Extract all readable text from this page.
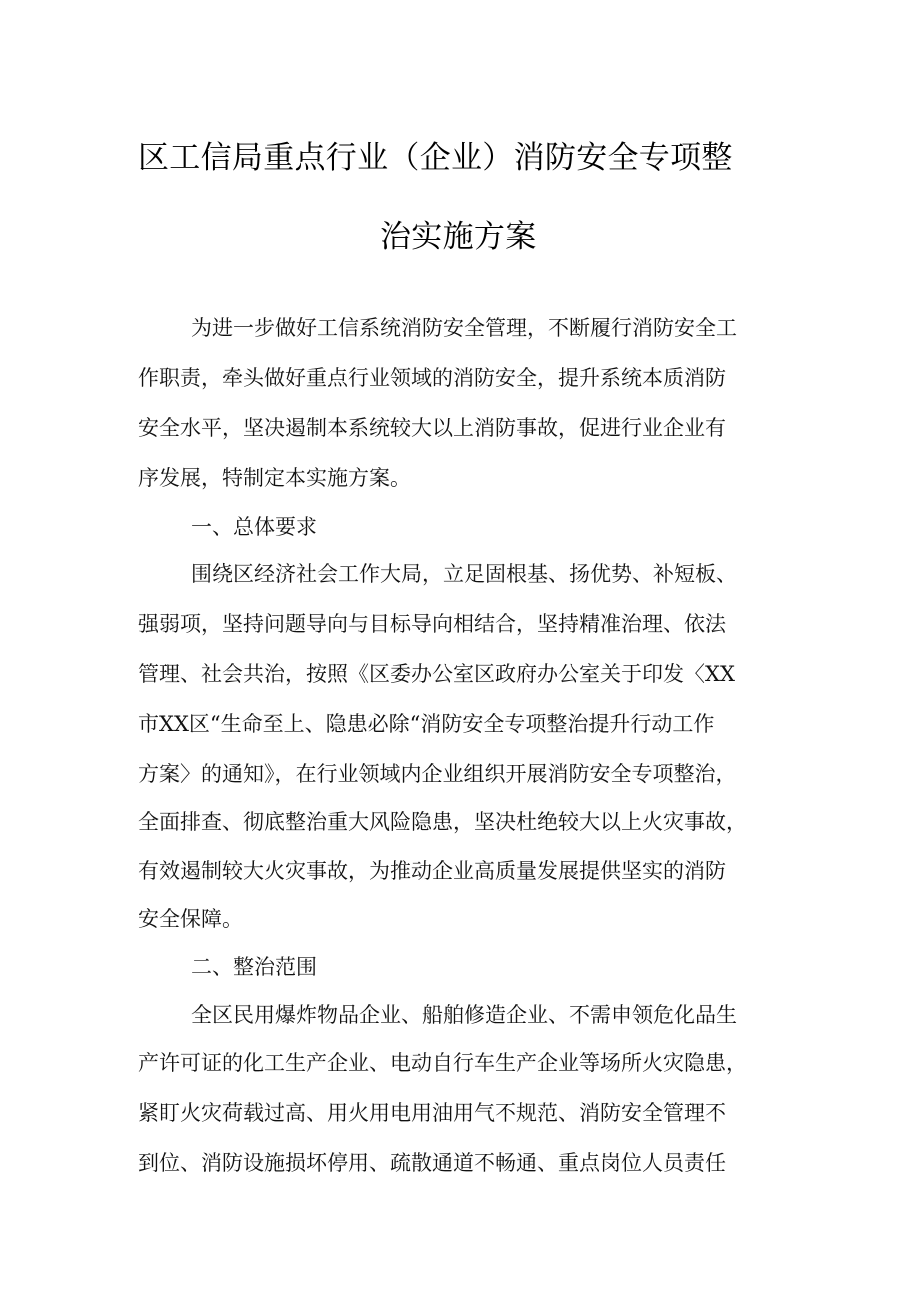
区工信局重点行业（企业）消防安全专项整
治实施方案
为进一步做好工信系统消防安全管理，不断履行消防安全工
作职责，牵头做好重点行业领域的消防安全，提升系统本质消防
安全水平，坚决遏制本系统较大以上消防事故，促进行业企业有
序发展，特制定本实施方案。
一、总体要求
围绕区经济社会工作大局，立足固根基、扬优势、补短板、
强弱项，坚持问题导向与目标导向相结合，坚持精准治理、依法
管理、社会共治，按照《区委办公室区政府办公室关于印发〈XX
市XX区“生命至上、隐患必除“消防安全专项整治提升行动工作
方案〉的通知》，在行业领域内企业组织开展消防安全专项整治，
全面排查、彻底整治重大风险隐患，坚决杜绝较大以上火灾事故，
有效遏制较大火灾事故，为推动企业高质量发展提供坚实的消防
安全保障。
二、整治范围
全区民用爆炸物品企业、船舶修造企业、不需申领危化品生
产许可证的化工生产企业、电动自行车生产企业等场所火灾隐患，
紧盯火灾荷载过高、用火用电用油用气不规范、消防安全管理不
到位、消防设施损坏停用、疏散通道不畅通、重点岗位人员责任
